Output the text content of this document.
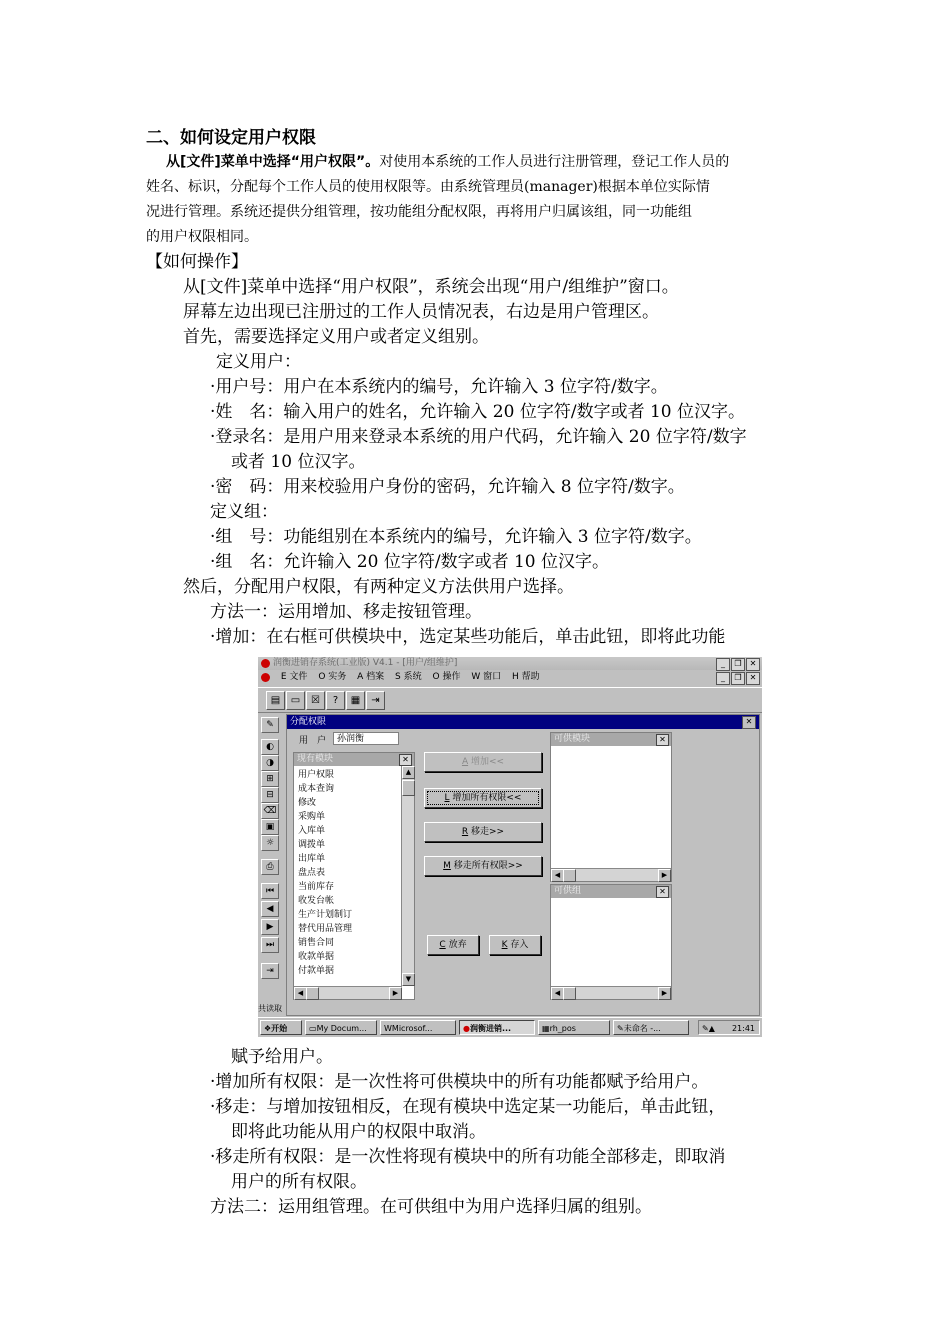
二、如何设定用户权限
从[文件]菜单中选择“用户权限”。对使用本系统的工作人员进行注册管理，登记工作人员的
姓名、标识，分配每个工作人员的使用权限等。由系统管理员(manager)根据本单位实际情
况进行管理。系统还提供分组管理，按功能组分配权限，再将用户归属该组，同一功能组
的用户权限相同。
【如何操作】
从[文件]菜单中选择“用户权限”，系统会出现“用户/组维护”窗口。
屏幕左边出现已注册过的工作人员情况表，右边是用户管理区。
首先，需要选择定义用户或者定义组别。
定义用户：
·用户号：用户在本系统内的编号，允许输入 3 位字符/数字。
·姓　名：输入用户的姓名，允许输入 20 位字符/数字或者 10 位汉字。
·登录名：是用户用来登录本系统的用户代码，允许输入 20 位字符/数字
或者 10 位汉字。
·密　码：用来校验用户身份的密码，允许输入 8 位字符/数字。
定义组：
·组　号：功能组别在本系统内的编号，允许输入 3 位字符/数字。
·组　名：允许输入 20 位字符/数字或者 10 位汉字。
然后，分配用户权限，有两种定义方法供用户选择。
方法一：运用增加、移走按钮管理。
·增加：在右框可供模块中，选定某些功能后，单击此钮，即将此功能
润衡进销存系统(工业版) V4.1 - [用户/组维护]	_	❐	✕
E 文件 O 实务 A 档案 S 系统 O 操作 W 窗口 H 帮助	_	❐	✕
▤	▭	☒	?	▦	⇥
✎
◐
◑
⊞
⊟
⌫
▣
☼
⎙
⏮
◀
▶
⏭
⇥
分配权限	✕
用　户	孙润衡
现有模块	✕
用户权限
成本查询
修改
采购单
入库单
调拨单
出库单
盘点表
当前库存
收发台帐
生产计划制订
替代用品管理
销售合同
收款单据
付款单据
▲
▼
◀	▶
A 增加<<
L 增加所有权限<<
R 移走>>
M 移走所有权限>>
C 放弃	K 存入
可供模块	✕
◀	▶
可供组	✕
◀	▶
共读取
❖开始	▭My Docum...	WMicrosof...	●润衡进销...	▦rh_pos	✎未命名 -...	✎▲ 21:41
赋予给用户。
·增加所有权限：是一次性将可供模块中的所有功能都赋予给用户。
·移走：与增加按钮相反，在现有模块中选定某一功能后，单击此钮，
即将此功能从用户的权限中取消。
·移走所有权限：是一次性将现有模块中的所有功能全部移走，即取消
用户的所有权限。
方法二：运用组管理。在可供组中为用户选择归属的组别。
